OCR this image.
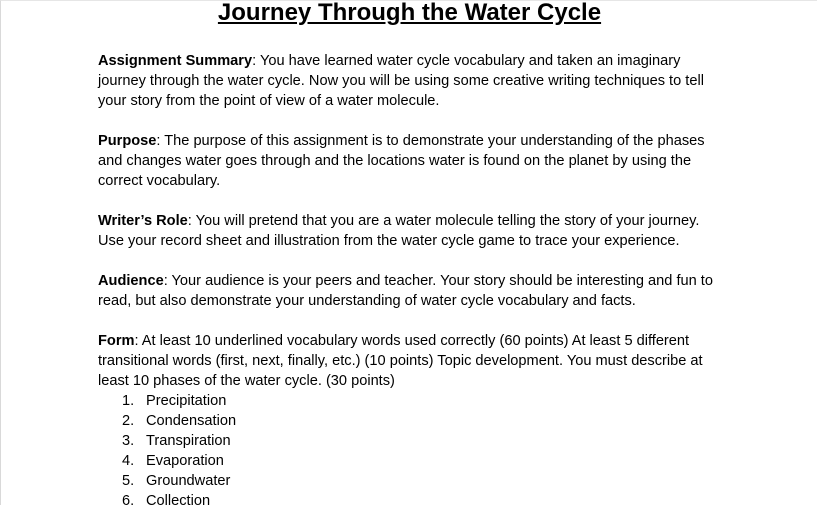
Journey Through the Water Cycle

Assignment Summary: You have learned water cycle vocabulary and taken an imaginary journey through the water cycle. Now you will be using some creative writing techniques to tell your story from the point of view of a water molecule.

Purpose: The purpose of this assignment is to demonstrate your understanding of the phases and changes water goes through and the locations water is found on the planet by using the correct vocabulary.

Writer’s Role: You will pretend that you are a water molecule telling the story of your journey. Use your record sheet and illustration from the water cycle game to trace your experience.

Audience: Your audience is your peers and teacher. Your story should be interesting and fun to read, but also demonstrate your understanding of water cycle vocabulary and facts.

Form: At least 10 underlined vocabulary words used correctly (60 points) At least 5 different transitional words (first, next, finally, etc.) (10 points) Topic development. You must describe at least 10 phases of the water cycle. (30 points)

1. Precipitation
2. Condensation
3. Transpiration
4. Evaporation
5. Groundwater
6. Collection
